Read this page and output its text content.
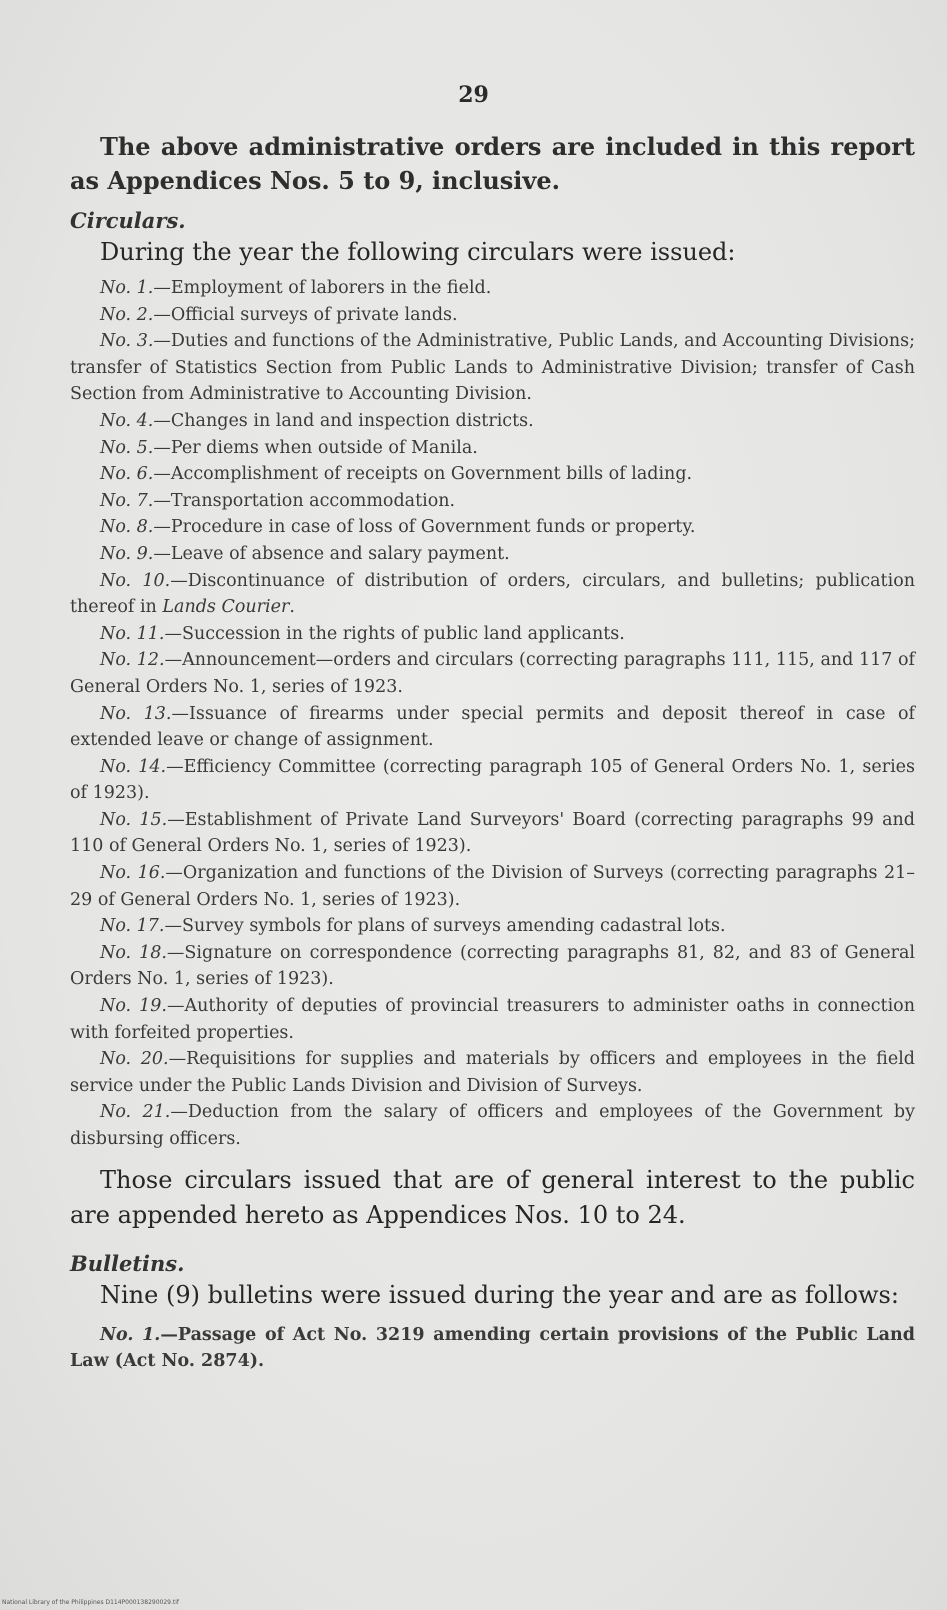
29

The above administrative orders are included in this report as Appendices Nos. 5 to 9, inclusive.

Circulars.

During the year the following circulars were issued:

No. 1.—Employment of laborers in the field.
No. 2.—Official surveys of private lands.
No. 3.—Duties and functions of the Administrative, Public Lands, and Accounting Divisions; transfer of Statistics Section from Public Lands to Administrative Division; transfer of Cash Section from Administrative to Accounting Division.
No. 4.—Changes in land and inspection districts.
No. 5.—Per diems when outside of Manila.
No. 6.—Accomplishment of receipts on Government bills of lading.
No. 7.—Transportation accommodation.
No. 8.—Procedure in case of loss of Government funds or property.
No. 9.—Leave of absence and salary payment.
No. 10.—Discontinuance of distribution of orders, circulars, and bulletins; publication thereof in Lands Courier.
No. 11.—Succession in the rights of public land applicants.
No. 12.—Announcement—orders and circulars (correcting paragraphs 111, 115, and 117 of General Orders No. 1, series of 1923.
No. 13.—Issuance of firearms under special permits and deposit thereof in case of extended leave or change of assignment.
No. 14.—Efficiency Committee (correcting paragraph 105 of General Orders No. 1, series of 1923).
No. 15.—Establishment of Private Land Surveyors' Board (correcting paragraphs 99 and 110 of General Orders No. 1, series of 1923).
No. 16.—Organization and functions of the Division of Surveys (correcting paragraphs 21–29 of General Orders No. 1, series of 1923).
No. 17.—Survey symbols for plans of surveys amending cadastral lots.
No. 18.—Signature on correspondence (correcting paragraphs 81, 82, and 83 of General Orders No. 1, series of 1923).
No. 19.—Authority of deputies of provincial treasurers to administer oaths in connection with forfeited properties.
No. 20.—Requisitions for supplies and materials by officers and employees in the field service under the Public Lands Division and Division of Surveys.
No. 21.—Deduction from the salary of officers and employees of the Government by disbursing officers.

Those circulars issued that are of general interest to the public are appended hereto as Appendices Nos. 10 to 24.

Bulletins.

Nine (9) bulletins were issued during the year and are as follows:

No. 1.—Passage of Act No. 3219 amending certain provisions of the Public Land Law (Act No. 2874).
National Library of the Philippines D114P000138290029.tif
